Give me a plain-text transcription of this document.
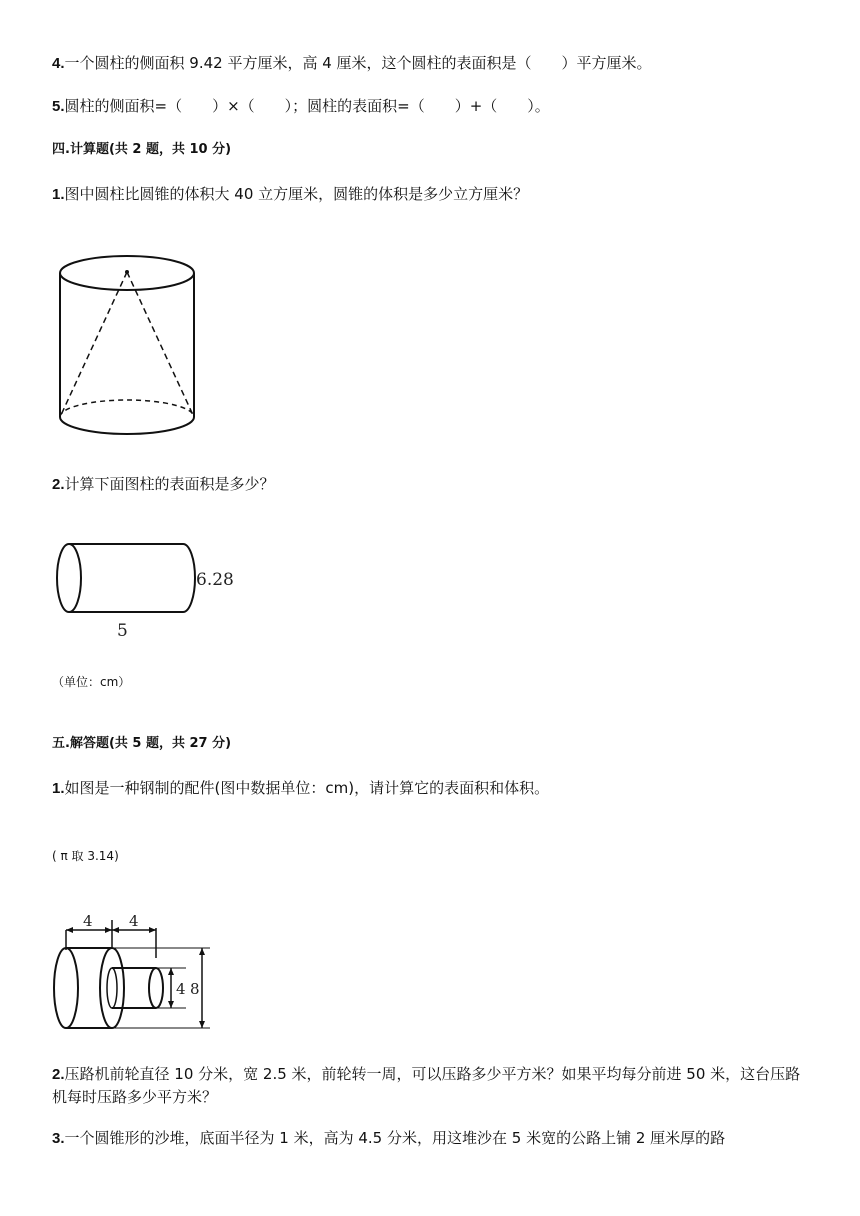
4.一个圆柱的侧面积 9.42 平方厘米，高 4 厘米，这个圆柱的表面积是（　　）平方厘米。
5.圆柱的侧面积=（　　）×（　　）；圆柱的表面积=（　　）+（　　）。
四.计算题(共 2 题，共 10 分)
1.图中圆柱比圆锥的体积大 40 立方厘米，圆锥的体积是多少立方厘米？
2.计算下面图柱的表面积是多少？
6.28
5
（单位：cm）
五.解答题(共 5 题，共 27 分)
1.如图是一种钢制的配件(图中数据单位：cm)，请计算它的表面积和体积。
( π 取 3.14)
4 4
4 8
2.压路机前轮直径 10 分米，宽 2.5 米，前轮转一周，可以压路多少平方米？如果平均每分前进 50 米，这台压路机每时压路多少平方米？
3.一个圆锥形的沙堆，底面半径为 1 米，高为 4.5 分米，用这堆沙在 5 米宽的公路上铺 2 厘米厚的路
